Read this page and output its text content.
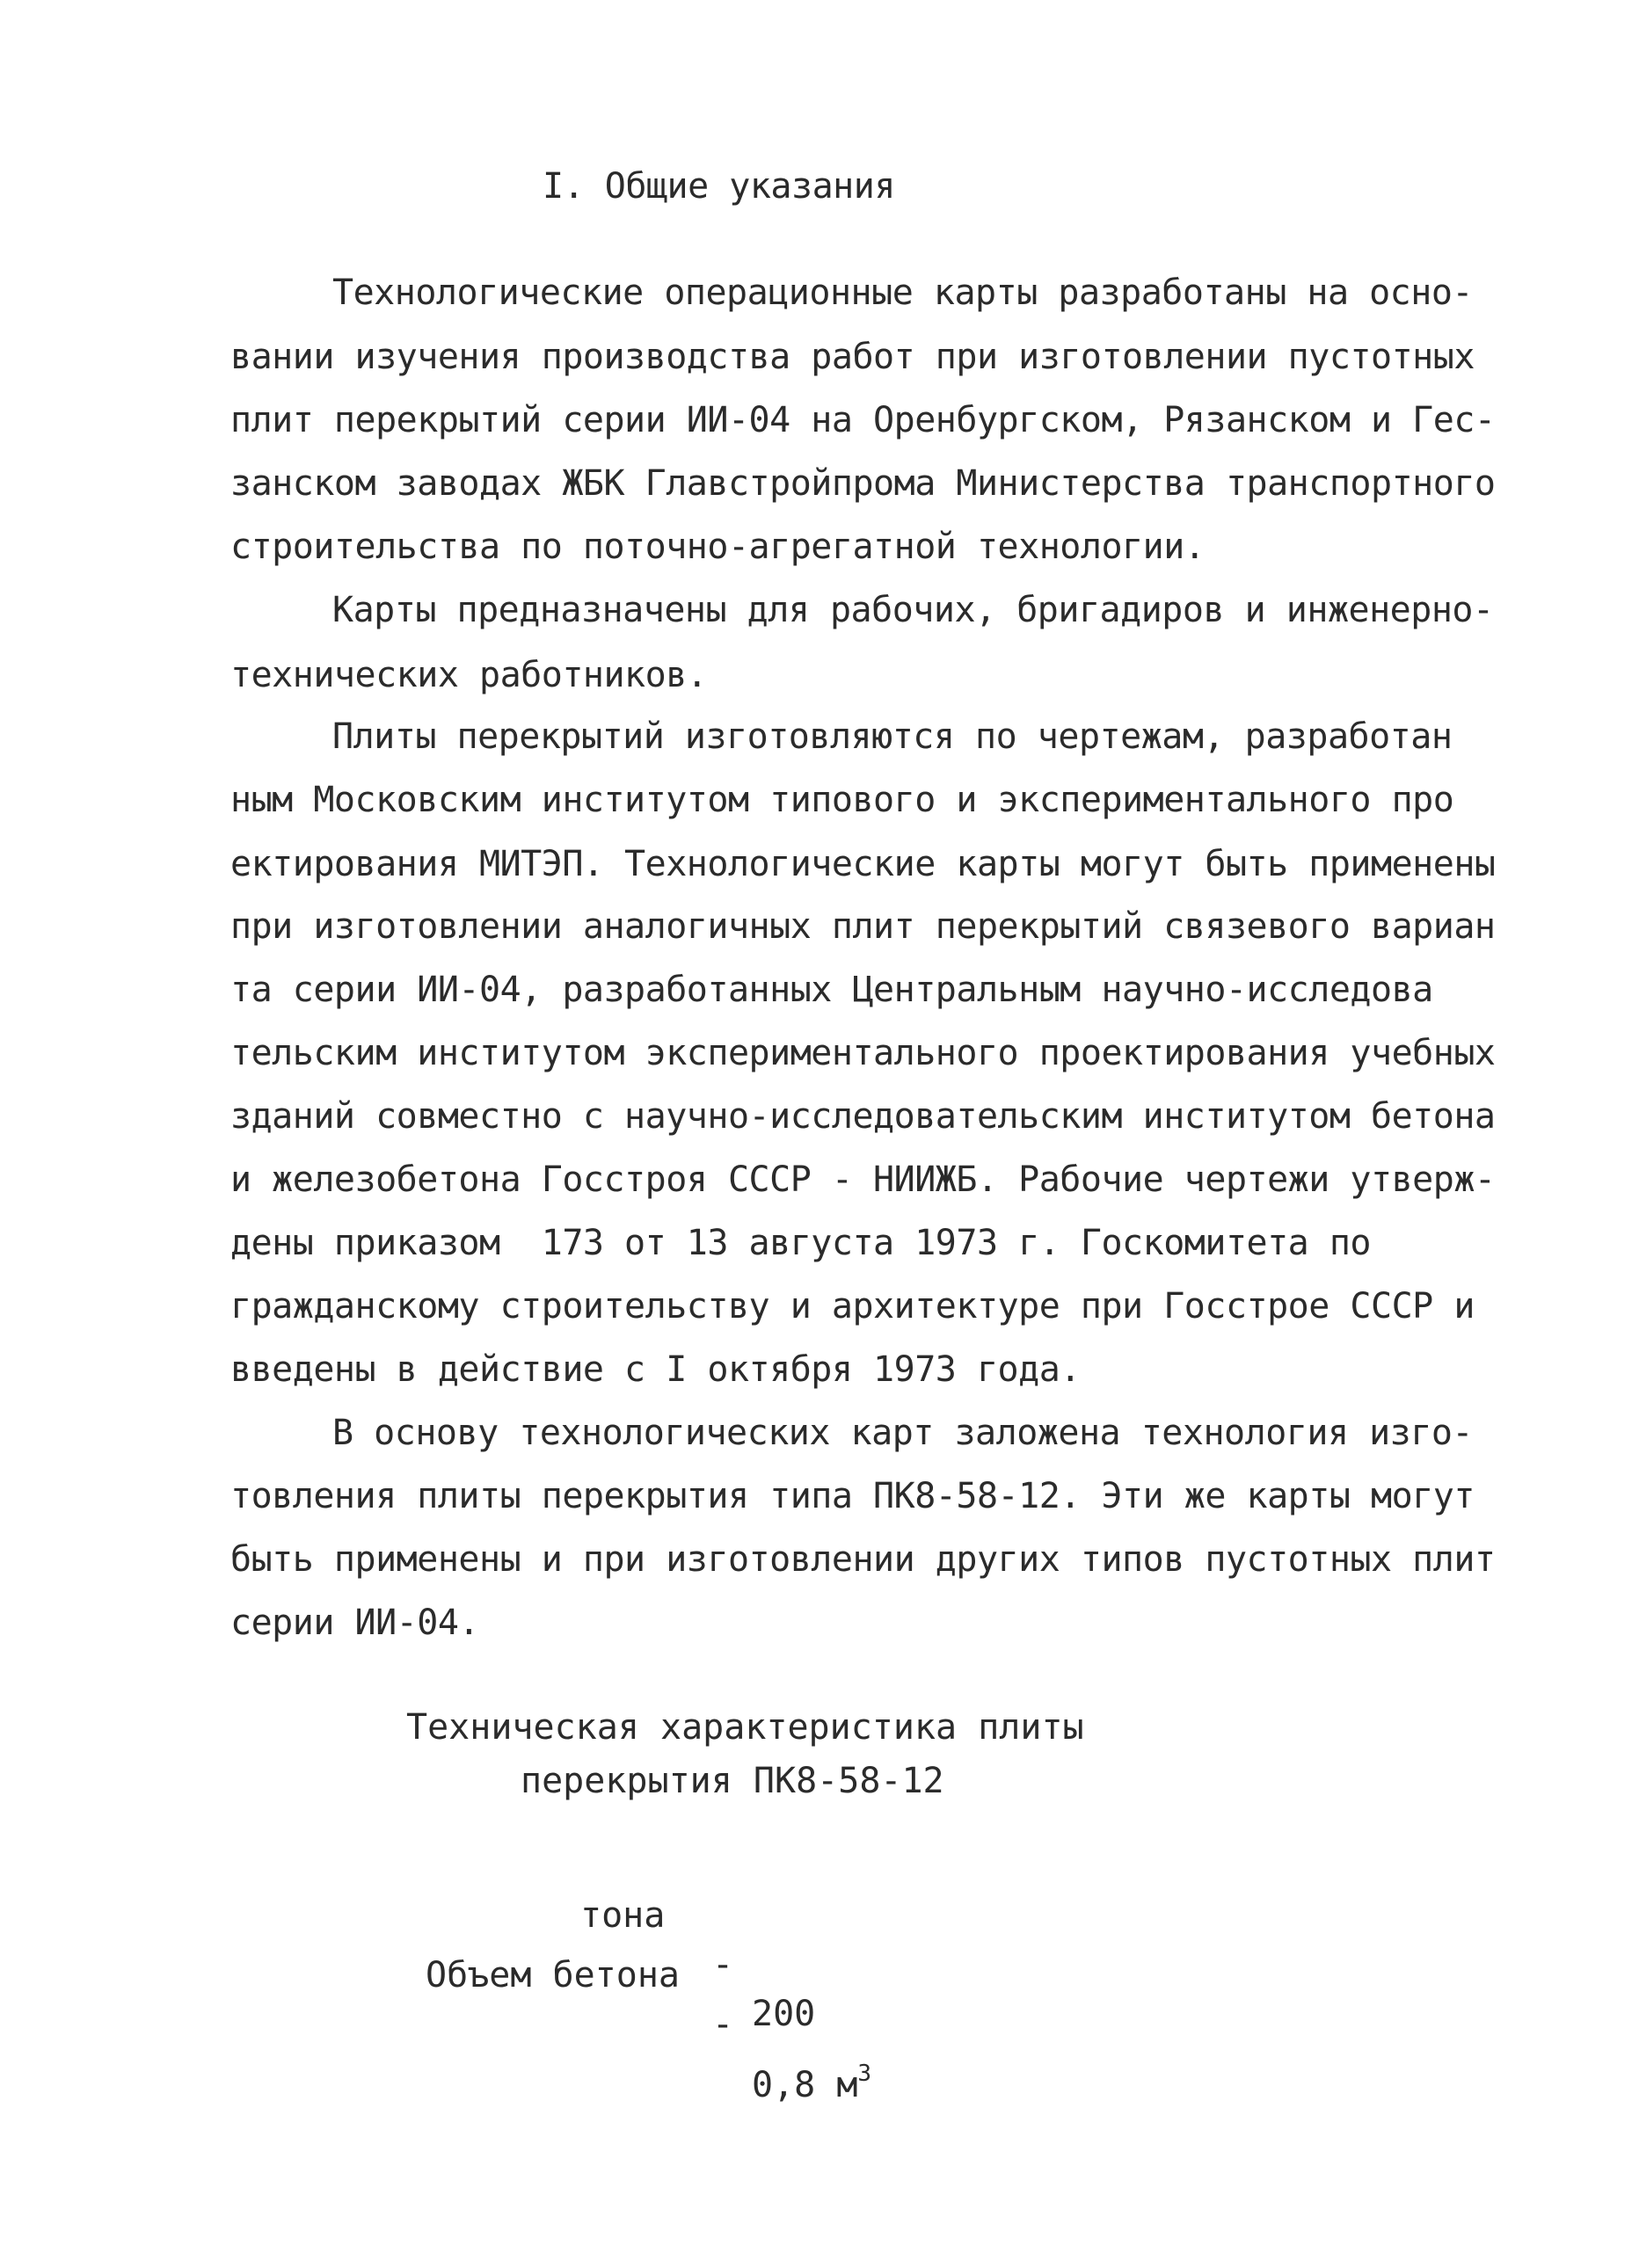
I. Общие указания
Технологические операционные карты разработаны на осно-
вании изучения производства работ при изготовлении пустотных
плит перекрытий серии ИИ-04 на Оренбургском, Рязанском и Гес-
занском заводах ЖБК Главстройпрома Министерства транспортного
строительства по поточно-агрегатной технологии.
Карты предназначены для рабочих, бригадиров и инженерно-
технических работников.
Плиты перекрытий изготовляются по чертежам, разработан
ным Московским институтом типового и экспериментального про
ектирования МИТЭП. Технологические карты могут быть применены
при изготовлении аналогичных плит перекрытий связевого вариан
та серии ИИ-04, разработанных Центральным научно-исследова
тельским институтом экспериментального проектирования учебных
зданий совместно с научно-исследовательским институтом бетона
и железобетона Госстроя СССР - НИИЖБ. Рабочие чертежи утверж-
дены приказом  173 от 13 августа 1973 г. Госкомитета по
гражданскому строительству и архитектуре при Госстрое СССР и
введены в действие с I октября 1973 года.
В основу технологических карт заложена технология изго-
товления плиты перекрытия типа ПК8-58-12. Эти же карты могут
быть применены и при изготовлении других типов пустотных плит
серии ИИ-04.
Техническая характеристика плиты
перекрытия ПК8-58-12

тона

-

200

Объем бетона

-

0,8 $м^3$
